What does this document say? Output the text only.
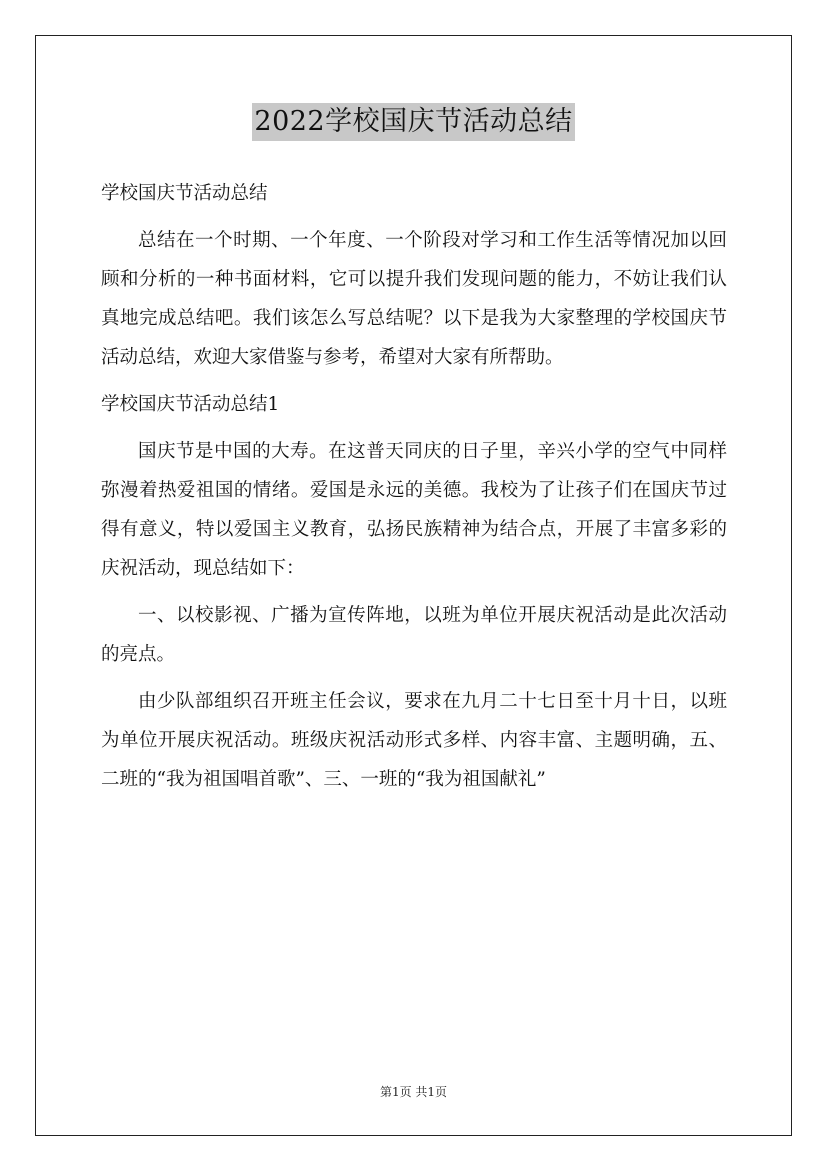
2022学校国庆节活动总结
学校国庆节活动总结

总结在一个时期、一个年度、一个阶段对学习和工作生活等情况加以回顾和分析的一种书面材料，它可以提升我们发现问题的能力，不妨让我们认真地完成总结吧。我们该怎么写总结呢？以下是我为大家整理的学校国庆节活动总结，欢迎大家借鉴与参考，希望对大家有所帮助。

学校国庆节活动总结1

国庆节是中国的大寿。在这普天同庆的日子里，辛兴小学的空气中同样弥漫着热爱祖国的情绪。爱国是永远的美德。我校为了让孩子们在国庆节过得有意义，特以爱国主义教育，弘扬民族精神为结合点，开展了丰富多彩的庆祝活动，现总结如下：

一、以校影视、广播为宣传阵地，以班为单位开展庆祝活动是此次活动的亮点。

由少队部组织召开班主任会议，要求在九月二十七日至十月十日，以班为单位开展庆祝活动。班级庆祝活动形式多样、内容丰富、主题明确，五、二班的“我为祖国唱首歌”、三、一班的“我为祖国献礼”

第1页 共1页
